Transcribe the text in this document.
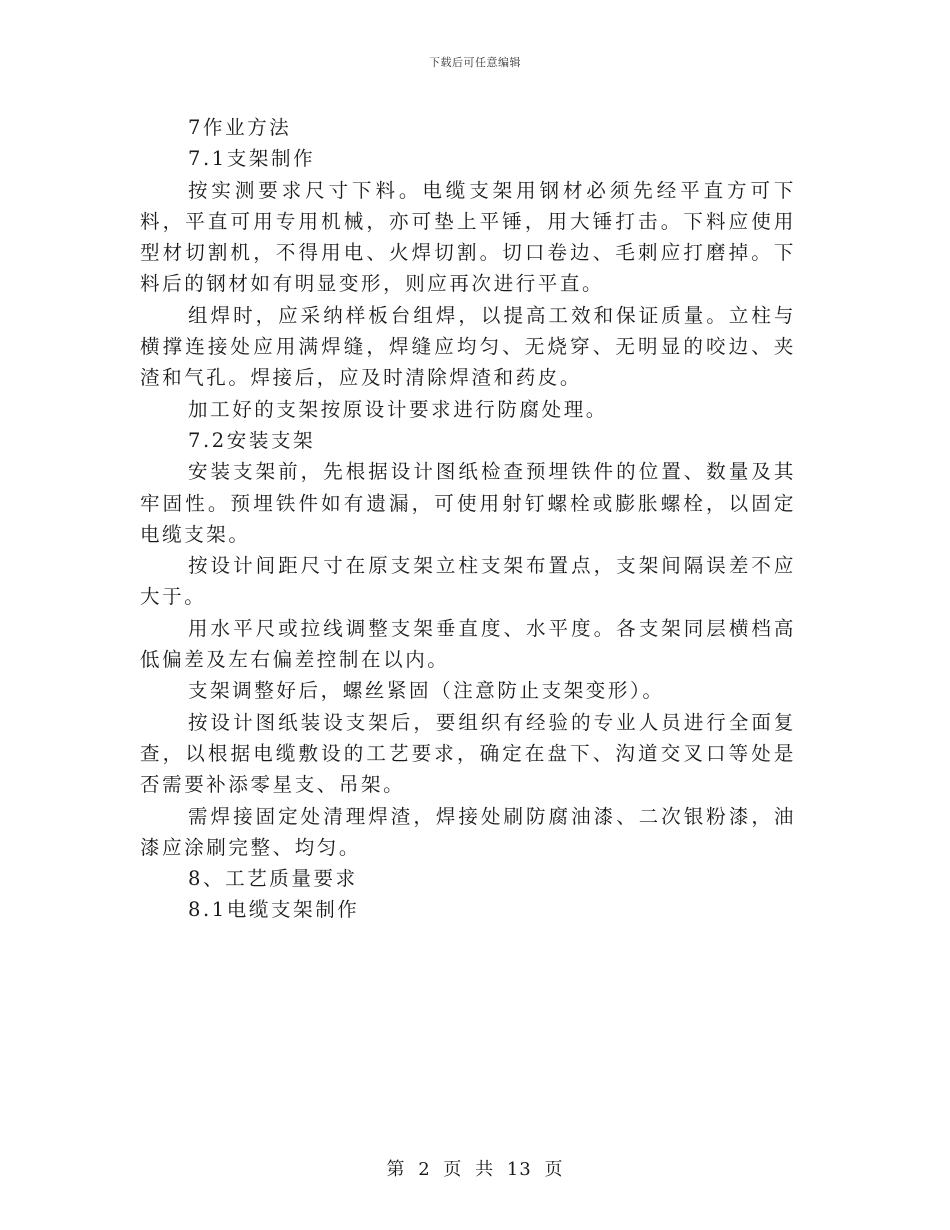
下载后可任意编辑

7作业方法

7.1支架制作

按实测要求尺寸下料。电缆支架用钢材必须先经平直方可下料，平直可用专用机械，亦可垫上平锤，用大锤打击。下料应使用型材切割机，不得用电、火焊切割。切口卷边、毛刺应打磨掉。下料后的钢材如有明显变形，则应再次进行平直。

组焊时，应采纳样板台组焊，以提高工效和保证质量。立柱与横撑连接处应用满焊缝，焊缝应均匀、无烧穿、无明显的咬边、夹渣和气孔。焊接后，应及时清除焊渣和药皮。

加工好的支架按原设计要求进行防腐处理。

7.2安装支架

安装支架前，先根据设计图纸检查预埋铁件的位置、数量及其牢固性。预埋铁件如有遗漏，可使用射钉螺栓或膨胀螺栓，以固定电缆支架。

按设计间距尺寸在原支架立柱支架布置点，支架间隔误差不应大于。

用水平尺或拉线调整支架垂直度、水平度。各支架同层横档高低偏差及左右偏差控制在以内。

支架调整好后，螺丝紧固（注意防止支架变形）。

按设计图纸装设支架后，要组织有经验的专业人员进行全面复查，以根据电缆敷设的工艺要求，确定在盘下、沟道交叉口等处是否需要补添零星支、吊架。

需焊接固定处清理焊渣，焊接处刷防腐油漆、二次银粉漆，油漆应涂刷完整、均匀。

8、工艺质量要求

8.1电缆支架制作

第 2 页 共 13 页
